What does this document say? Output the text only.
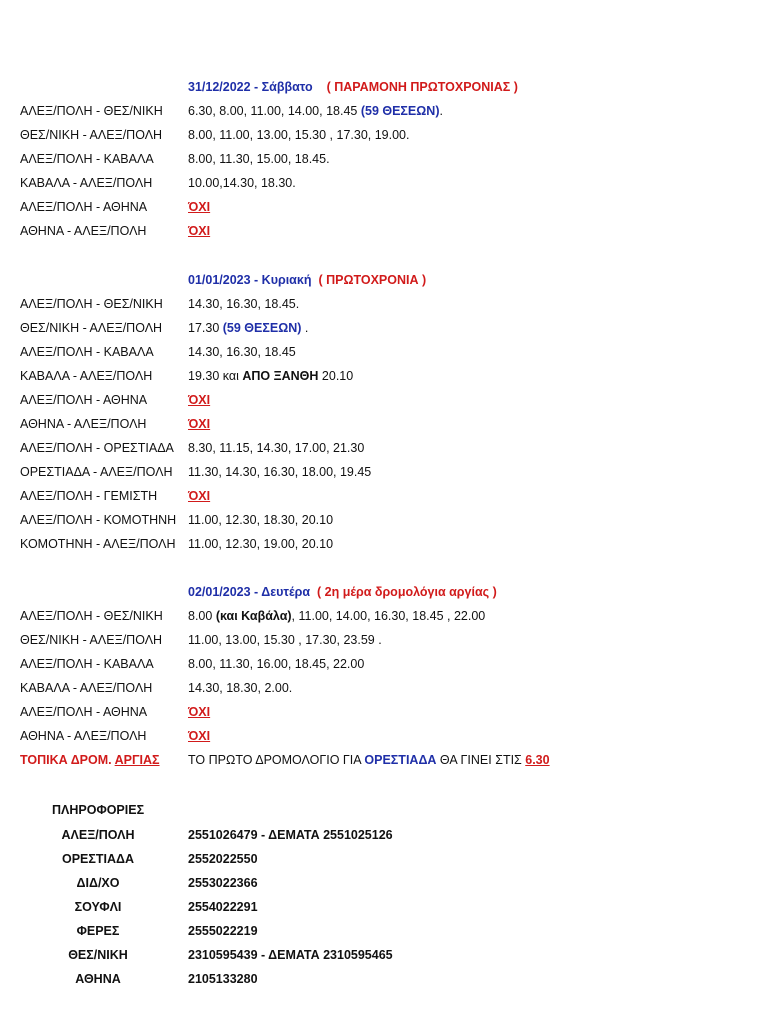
31/12/2022 - Σάββατο ( ΠΑΡΑΜΟΝΗ ΠΡΩΤΟΧΡΟΝΙΑΣ )
ΑΛΕΞ/ΠΟΛΗ - ΘΕΣ/ΝΙΚΗ 6.30, 8.00, 11.00, 14.00, 18.45 (59 ΘΕΣΕΩΝ).
ΘΕΣ/ΝΙΚΗ - ΑΛΕΞ/ΠΟΛΗ 8.00, 11.00, 13.00, 15.30 , 17.30, 19.00.
ΑΛΕΞ/ΠΟΛΗ - ΚΑΒΑΛΑ	8.00, 11.30, 15.00, 18.45.
ΚΑΒΑΛΑ - ΑΛΕΞ/ΠΟΛΗ	10.00,14.30, 18.30.
ΑΛΕΞ/ΠΟΛΗ - ΑΘΗΝΑ	ΌΧΙ
ΑΘΗΝΑ - ΑΛΕΞ/ΠΟΛΗ	ΌΧΙ
01/01/2023 - Κυριακή ( ΠΡΩΤΟΧΡΟΝΙΑ )
ΑΛΕΞ/ΠΟΛΗ - ΘΕΣ/ΝΙΚΗ 14.30, 16.30, 18.45.
ΘΕΣ/ΝΙΚΗ - ΑΛΕΞ/ΠΟΛΗ 17.30 (59 ΘΕΣΕΩΝ) .
ΑΛΕΞ/ΠΟΛΗ - ΚΑΒΑΛΑ	14.30, 16.30, 18.45
ΚΑΒΑΛΑ - ΑΛΕΞ/ΠΟΛΗ	19.30 και ΑΠΟ ΞΑΝΘΗ 20.10
ΑΛΕΞ/ΠΟΛΗ - ΑΘΗΝΑ	ΌΧΙ
ΑΘΗΝΑ - ΑΛΕΞ/ΠΟΛΗ	ΌΧΙ
ΑΛΕΞ/ΠΟΛΗ - ΟΡΕΣΤΙΑΔΑ 8.30, 11.15, 14.30, 17.00, 21.30
ΟΡΕΣΤΙΑΔΑ - ΑΛΕΞ/ΠΟΛΗ 11.30, 14.30, 16.30, 18.00, 19.45
ΑΛΕΞ/ΠΟΛΗ - ΓΕΜΙΣΤΗ ΌΧΙ
ΑΛΕΞ/ΠΟΛΗ - ΚΟΜΟΤΗΝΗ 11.00, 12.30, 18.30, 20.10
ΚΟΜΟΤΗΝΗ - ΑΛΕΞ/ΠΟΛΗ 11.00, 12.30, 19.00, 20.10
02/01/2023 - Δευτέρα ( 2η μέρα δρομολόγια αργίας )
ΑΛΕΞ/ΠΟΛΗ - ΘΕΣ/ΝΙΚΗ 8.00 (και Καβάλα), 11.00, 14.00, 16.30, 18.45 , 22.00
ΘΕΣ/ΝΙΚΗ - ΑΛΕΞ/ΠΟΛΗ 11.00, 13.00, 15.30 , 17.30, 23.59 .
ΑΛΕΞ/ΠΟΛΗ - ΚΑΒΑΛΑ	8.00, 11.30, 16.00, 18.45, 22.00
ΚΑΒΑΛΑ - ΑΛΕΞ/ΠΟΛΗ	14.30, 18.30, 2.00.
ΑΛΕΞ/ΠΟΛΗ - ΑΘΗΝΑ	ΌΧΙ
ΑΘΗΝΑ - ΑΛΕΞ/ΠΟΛΗ	ΌΧΙ
ΤΟΠΙΚΑ ΔΡΟΜ. ΑΡΓΙΑΣ ΤΟ ΠΡΩΤΟ ΔΡΟΜΟΛΟΓΙΟ ΓΙΑ ΟΡΕΣΤΙΑΔΑ ΘΑ ΓΙΝΕΙ ΣΤΙΣ 6.30
ΠΛΗΡΟΦΟΡΙΕΣ
ΑΛΕΞ/ΠΟΛΗ	2551026479 - ΔΕΜΑΤΑ 2551025126
ΟΡΕΣΤΙΑΔΑ	2552022550
ΔΙΔ/ΧΟ	2553022366
ΣΟΥΦΛΙ	2554022291
ΦΕΡΕΣ	2555022219
ΘΕΣ/ΝΙΚΗ	2310595439 - ΔΕΜΑΤΑ 2310595465
ΑΘΗΝΑ	2105133280
